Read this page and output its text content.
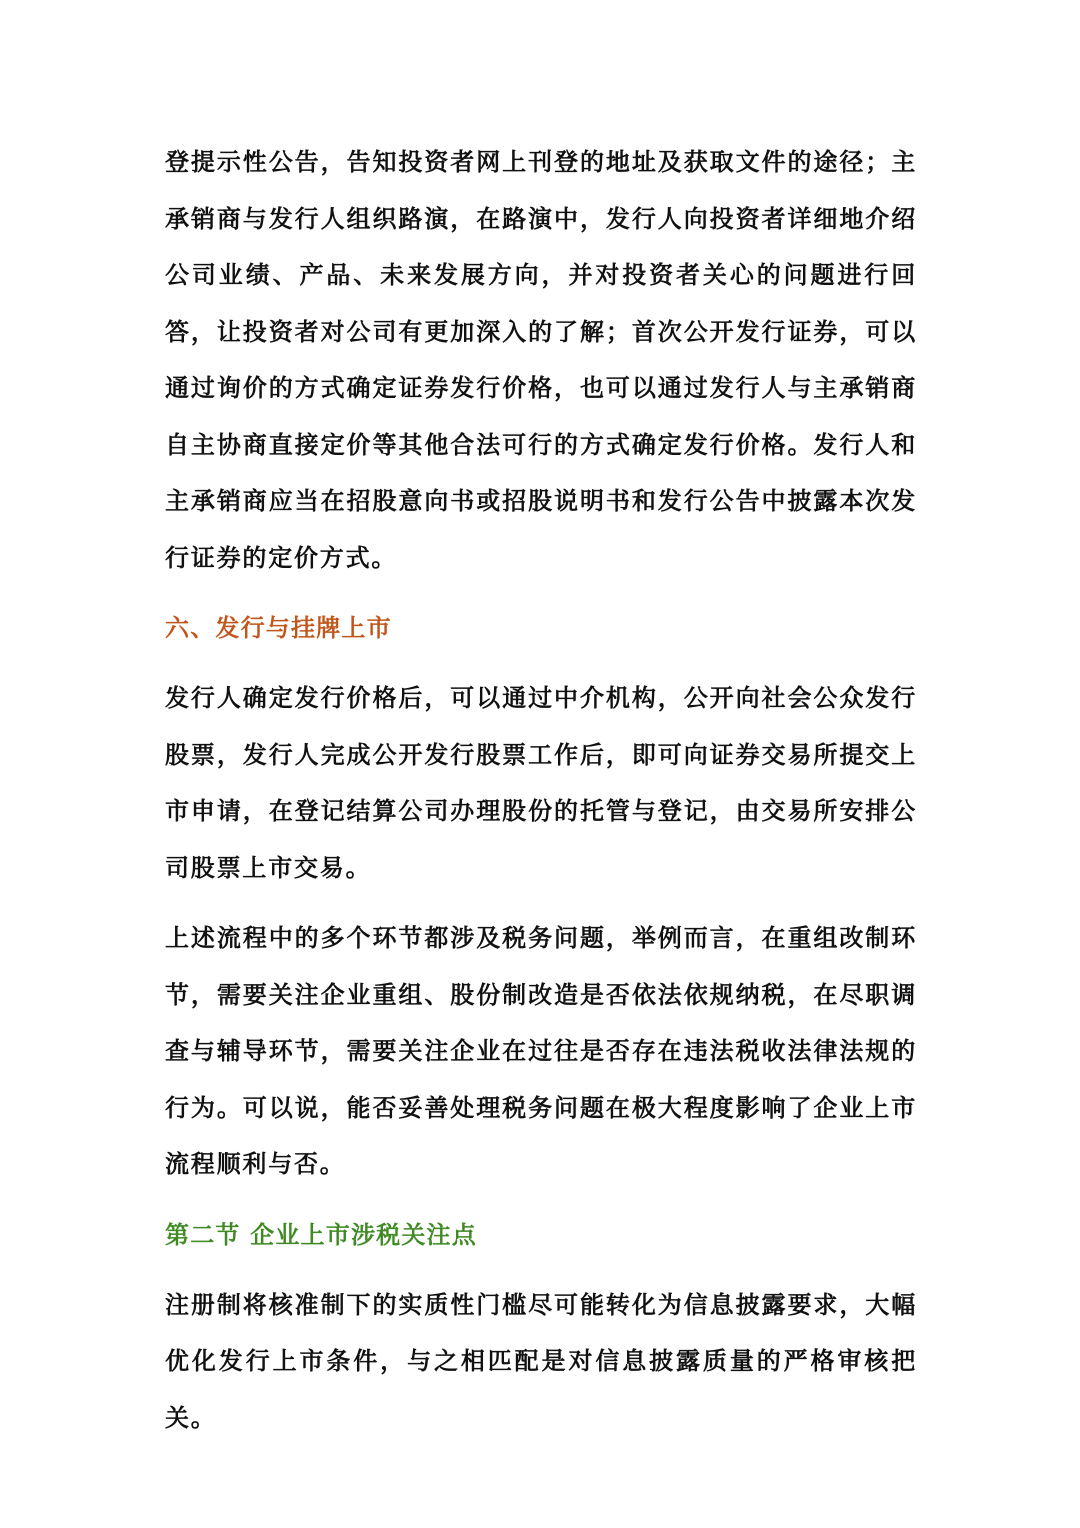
登提示性公告，告知投资者网上刊登的地址及获取文件的途径；主承销商与发行人组织路演，在路演中，发行人向投资者详细地介绍公司业绩、产品、未来发展方向，并对投资者关心的问题进行回答，让投资者对公司有更加深入的了解；首次公开发行证券，可以通过询价的方式确定证券发行价格，也可以通过发行人与主承销商自主协商直接定价等其他合法可行的方式确定发行价格。发行人和主承销商应当在招股意向书或招股说明书和发行公告中披露本次发行证券的定价方式。

六、发行与挂牌上市

发行人确定发行价格后，可以通过中介机构，公开向社会公众发行股票，发行人完成公开发行股票工作后，即可向证券交易所提交上市申请，在登记结算公司办理股份的托管与登记，由交易所安排公司股票上市交易。

上述流程中的多个环节都涉及税务问题，举例而言，在重组改制环节，需要关注企业重组、股份制改造是否依法依规纳税，在尽职调查与辅导环节，需要关注企业在过往是否存在违法税收法律法规的行为。可以说，能否妥善处理税务问题在极大程度影响了企业上市流程顺利与否。

第二节 企业上市涉税关注点

注册制将核准制下的实质性门槛尽可能转化为信息披露要求，大幅优化发行上市条件，与之相匹配是对信息披露质量的严格审核把关。
